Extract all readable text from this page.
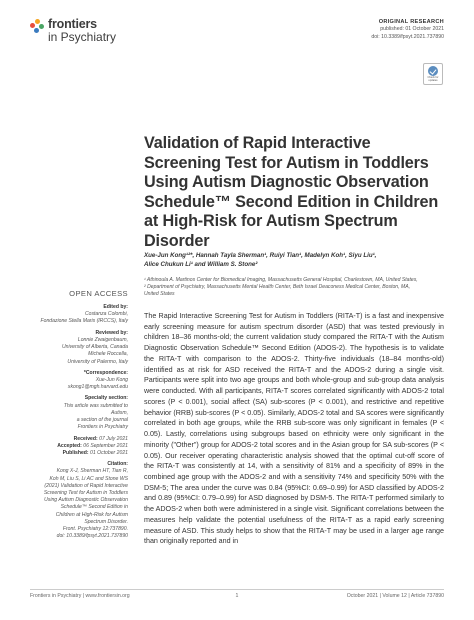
frontiers
in Psychiatry
ORIGINAL RESEARCH
published: 01 October 2021
doi: 10.3389/fpsyt.2021.737890
Check for updates
Validation of Rapid Interactive Screening Test for Autism in Toddlers Using Autism Diagnostic Observation Schedule™ Second Edition in Children at High-Risk for Autism Spectrum Disorder
Xue-Jun Kong¹²*, Hannah Tayla Sherman¹, Ruiyi Tian¹, Madelyn Koh¹, Siyu Liu¹,
Alice Chukun Li¹ and William S. Stone²
¹ Athinoula A. Martinos Center for Biomedical Imaging, Massachusetts General Hospital, Charlestown, MA, United States,
² Department of Psychiatry, Massachusetts Mental Health Center, Beth Israel Deaconess Medical Center, Boston, MA,
United States
OPEN ACCESS
Edited by:
Costanza Colombi,
Fondazione Stella Maris (IRCCS), Italy
Reviewed by:
Lonnie Zwaigenbaum,
University of Alberta, Canada
Michele Roccella,
University of Palermo, Italy
*Correspondence:
Xue-Jun Kong
xkong1@mgh.harvard.edu
Specialty section:
This article was submitted to
Autism,
a section of the journal
Frontiers in Psychiatry
Received: 07 July 2021
Accepted: 06 September 2021
Published: 01 October 2021
Citation:
Kong X-J, Sherman HT, Tian R,
Koh M, Liu S, Li AC and Stone WS
(2021) Validation of Rapid Interactive
Screening Test for Autism in Toddlers
Using Autism Diagnostic Observation
Schedule™ Second Edition in
Children at High-Risk for Autism
Spectrum Disorder.
Front. Psychiatry 12:737890.
doi: 10.3389/fpsyt.2021.737890
The Rapid Interactive Screening Test for Autism in Toddlers (RITA-T) is a fast and inexpensive early screening measure for autism spectrum disorder (ASD) that was tested previously in children 18–36 months-old; the current validation study compared the RITA-T with the Autism Diagnostic Observation Schedule™ Second Edition (ADOS-2). The hypothesis is to validate the RITA-T with comparison to the ADOS-2. Thirty-five individuals (18–84 months-old) identified as at risk for ASD received the RITA-T and the ADOS-2 during a single visit. Participants were split into two age groups and both whole-group and sub-group data analysis were conducted. With all participants, RITA-T scores correlated significantly with ADOS-2 total scores (P < 0.001), social affect (SA) sub-scores (P < 0.001), and restrictive and repetitive behavior (RRB) sub-scores (P < 0.05). Similarly, ADOS-2 total and SA scores were significantly correlated in both age groups, while the RRB sub-score was only significant in females (P < 0.05). Lastly, correlations using subgroups based on ethnicity were only significant in the minority ("Other") group for ADOS-2 total scores and in the Asian group for SA sub-scores (P < 0.05). Our receiver operating characteristic analysis showed that the optimal cut-off score of the RITA-T was consistently at 14, with a sensitivity of 81% and a specificity of 89% in the combined age group with the ADOS-2 and with a sensitivity 74% and specificity 50% with the DSM-5; The area under the curve was 0.84 (95%CI: 0.69–0.99) for ASD classified by ADOS-2 and 0.89 (95%CI: 0.79–0.99) for ASD diagnosed by DSM-5. The RITA-T performed similarly to the ADOS-2 when both were administered in a single visit. Significant correlations between the measures help validate the potential usefulness of the RITA-T as a rapid early screening measure of ASD. This study helps to show that the RITA-T may be used in a larger age range than originally reported and in
Frontiers in Psychiatry | www.frontiersin.org	1	October 2021 | Volume 12 | Article 737890
